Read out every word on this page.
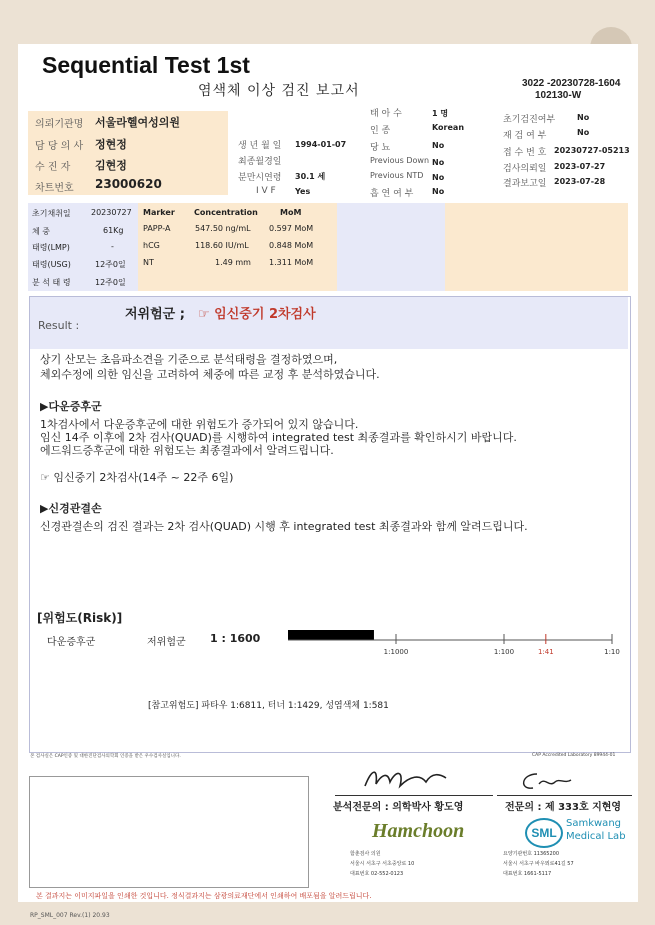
Sequential Test 1st
염색체 이상 검진 보고서	3022 -20230728-1604
102130-W
의뢰기관명 서울라헬여성의원
담 당 의 사 정현정
수 진 자 김현정
차트번호 23000620
생 년 월 일 1994-01-07
최종월경일
분만시연령 30.1 세
I V F Yes
태 아 수	1 명
인 종	Korean
당 뇨	No
Previous Down No
Previous NTD No
흡 연 여 부 No
초기검진여부	No
재 검 여 부	No
접 수 번 호 20230727-05213
검사의뢰일 2023-07-27
결과보고일 2023-07-28
초기채취일	20230727
체 중	61Kg
태령(LMP)	-
태령(USG)	12주0일
분 석 태 령	12주0일
Marker Concentration	MoM
PAPP-A	547.50 ng/mL 0.597 MoM
hCG	118.60 IU/mL	0.848 MoM
NT	1.49 mm 1.311 MoM
Result :
저위험군 ; ☞ 임신중기 2차검사
상기 산모는 초음파소견을 기준으로 분석태령을 결정하였으며,
체외수정에 의한 임신을 고려하여 체중에 따른 교정 후 분석하였습니다.
▶다운증후군
1차검사에서 다운증후군에 대한 위험도가 증가되어 있지 않습니다.
임신 14주 이후에 2차 검사(QUAD)를 시행하여 integrated test 최종결과를 확인하시기 바랍니다.
에드워드증후군에 대한 위험도는 최종결과에서 알려드립니다.
☞ 임신중기 2차검사(14주 ~ 22주 6일)
▶신경관결손
신경관결손의 검진 결과는 2차 검사(QUAD) 시행 후 integrated test 최종결과와 함께 알려드립니다.
[위험도(Risk)]
다운증후군	저위험군 1 : 1600
1:1000	1:100	1:41	1:10
[참고위험도] 파타우 1:6811, 터너 1:1429, 성염색체 1:581
본 검사실은 CAP인증 및 대한진단검사의학회 인증을 받은 우수검사실입니다.	CAP Accredited Laboratory 89944-01
분석전문의 : 의학박사 황도영	전문의 : 제 333호 지현영
Hamchoon
함춘검사 의원
서울시 서초구 서초중앙로 10
대표번호 02-552-0123
SML
Samkwang
Medical Lab
요양기관번호 11365200
서울시 서초구 바우뫼로41길 57
대표번호 1661-5117
본 결과지는 이미지파일을 인쇄한 것입니다. 정식결과지는 삼광의료재단에서 인쇄하여 배포됨을 알려드립니다.
RP_SML_007 Rev.(1) 20.93
